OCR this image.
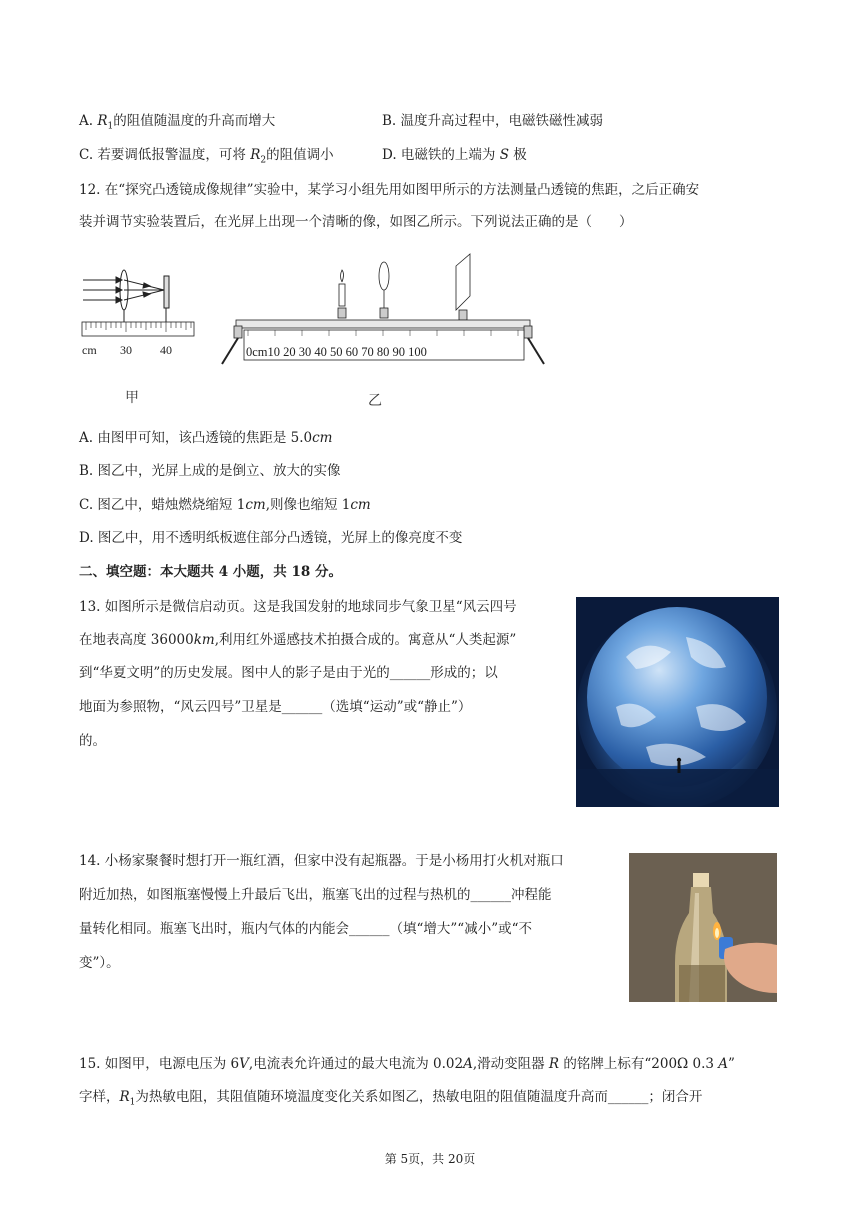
A. $R_1$的阻值随温度的升高而增大	B. 温度升高过程中，电磁铁磁性减弱
C. 若要调低报警温度，可将 $R_2$的阻值调小	D. 电磁铁的上端为 S 极
12. 在“探究凸透镜成像规律”实验中，某学习小组先用如图甲所示的方法测量凸透镜的焦距，之后正确安
装并调节实验装置后，在光屏上出现一个清晰的像，如图乙所示。下列说法正确的是（　　）
cm 30 40
甲
0cm10 20 30 40 50 60 70 80 90 100
乙
A. 由图甲可知，该凸透镜的焦距是 5.0cm
B. 图乙中，光屏上成的是倒立、放大的实像
C. 图乙中，蜡烛燃烧缩短 1cm,则像也缩短 1cm
D. 图乙中，用不透明纸板遮住部分凸透镜，光屏上的像亮度不变
二、填空题：本大题共 4 小题，共 18 分。
13. 如图所示是微信启动页。这是我国发射的地球同步气象卫星“风云四号
在地表高度 36000km,利用红外遥感技术拍摄合成的。寓意从“人类起源”
到“华夏文明”的历史发展。图中人的影子是由于光的______形成的；以
地面为参照物，“风云四号”卫星是______（选填“运动”或“静止”）
的。
14. 小杨家聚餐时想打开一瓶红酒，但家中没有起瓶器。于是小杨用打火机对瓶口
附近加热，如图瓶塞慢慢上升最后飞出，瓶塞飞出的过程与热机的______冲程能
量转化相同。瓶塞飞出时，瓶内气体的内能会______（填“增大”“减小”或“不
变”）。
15. 如图甲，电源电压为 6V,电流表允许通过的最大电流为 0.02A,滑动变阻器 R 的铭牌上标有“200Ω 0.3 A”
字样，$R_1$为热敏电阻，其阻值随环境温度变化关系如图乙，热敏电阻的阻值随温度升高而______；闭合开
第 5页，共 20页
